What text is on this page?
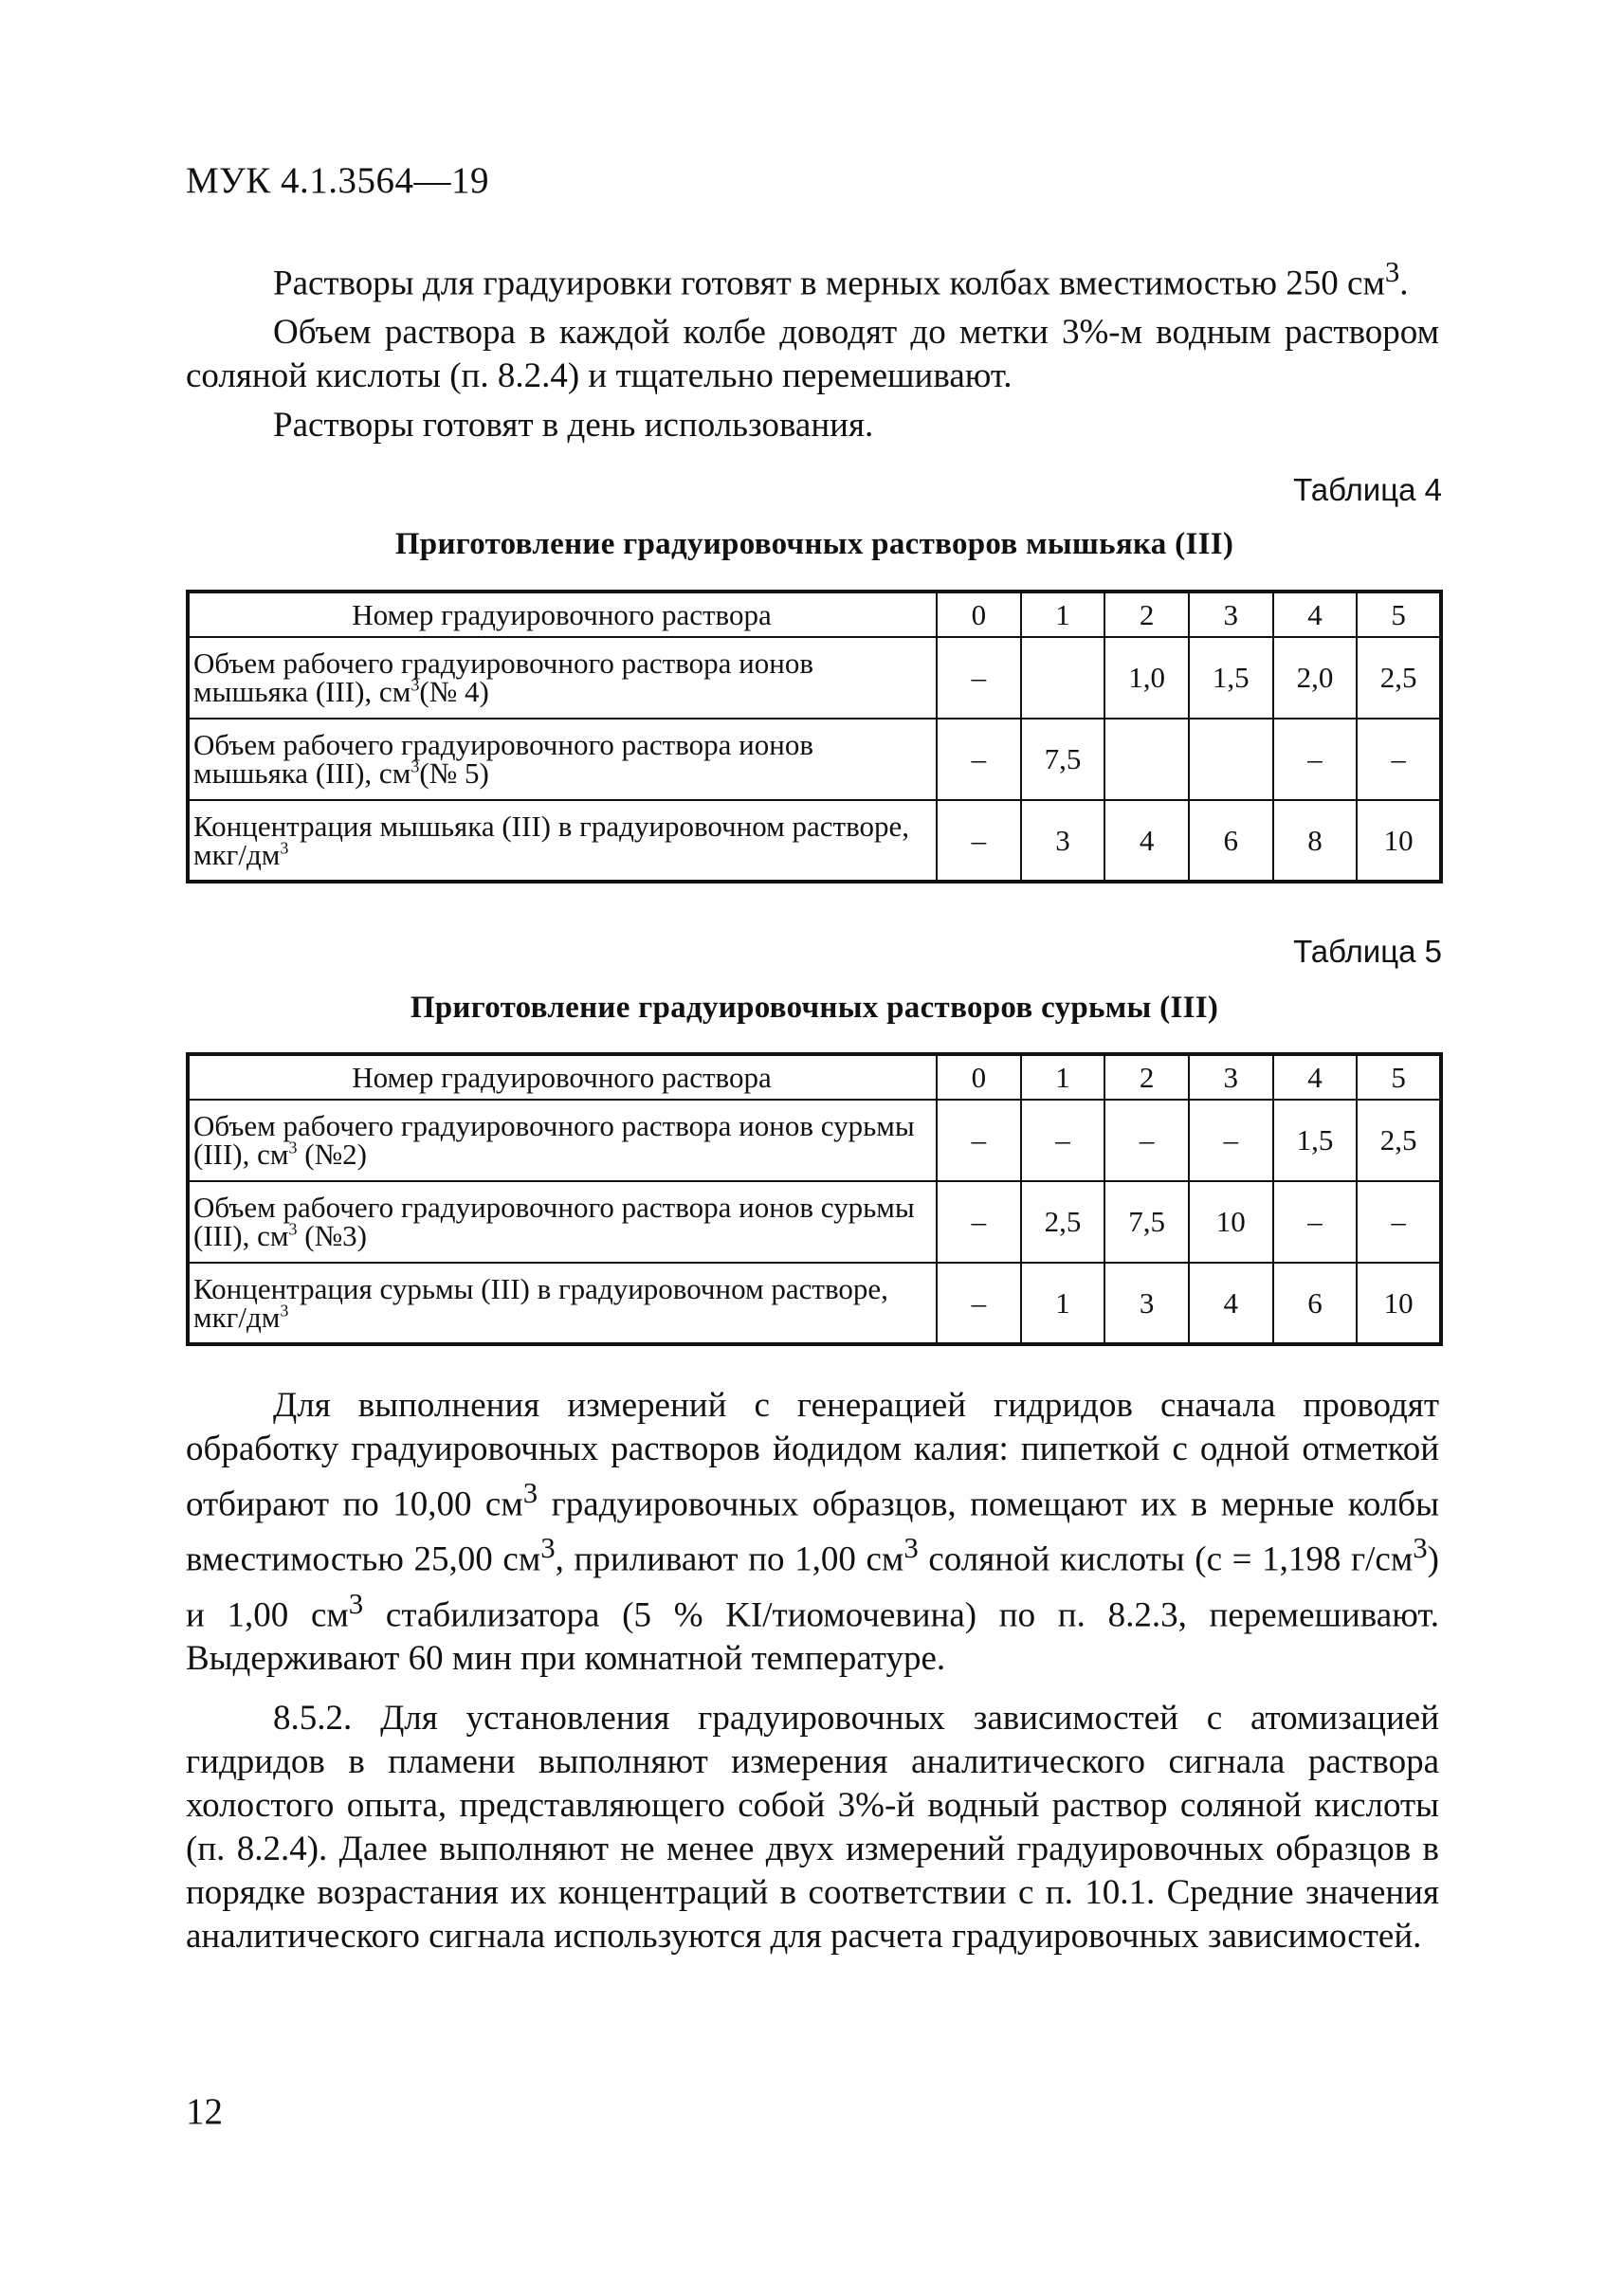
МУК 4.1.3564—19

Растворы для градуировки готовят в мерных колбах вместимостью 250 $см^3$.

Объем раствора в каждой колбе доводят до метки 3%-м водным раствором соляной кислоты (п. 8.2.4) и тщательно перемешивают.

Растворы готовят в день использования.

Таблица 4
Приготовление градуировочных растворов мышьяка (III)
Номер градуировочного раствора	0	1	2	3	4	5
Объем рабочего градуировочного раствора ионов мышьяка (III), $см^3(№$ 4)	–		1,0	1,5	2,0	2,5
Объем рабочего градуировочного раствора ионов мышьяка (III), $см^3(№$ 5)	–	7,5			–	–
Концентрация мышьяка (III) в градуировочном растворе, мкг/$дм^3$	–	3	4	6	8	10
Таблица 5
Приготовление градуировочных растворов сурьмы (III)
Номер градуировочного раствора	0	1	2	3	4	5
Объем рабочего градуировочного раствора ионов сурьмы (III), $см^3$ (№2)	–	–	–	–	1,5	2,5
Объем рабочего градуировочного раствора ионов сурьмы (III), $см^3$ (№3)	–	2,5	7,5	10	–	–
Концентрация сурьмы (III) в градуировочном растворе, мкг/$дм^3$	–	1	3	4	6	10

Для выполнения измерений с генерацией гидридов сначала проводят обработку градуировочных растворов йодидом калия: пипеткой с одной отметкой отбирают по 10,00 $см^3$ градуировочных образцов, помещают их в мерные колбы вместимостью 25,00 $см^3$, приливают по 1,00 $см^3$ соляной кислоты (с = 1,198 $г/см^3$) и 1,00 $см^3$ стабилизатора (5 % KI/тиомочевина) по п. 8.2.3, перемешивают. Выдерживают 60 мин при комнатной температуре.

8.5.2. Для установления градуировочных зависимостей с атомизацией гидридов в пламени выполняют измерения аналитического сигнала раствора холостого опыта, представляющего собой 3%-й водный раствор соляной кислоты (п. 8.2.4). Далее выполняют не менее двух измерений градуировочных образцов в порядке возрастания их концентраций в соответствии с п. 10.1. Средние значения аналитического сигнала используются для расчета градуировочных зависимостей.

12
